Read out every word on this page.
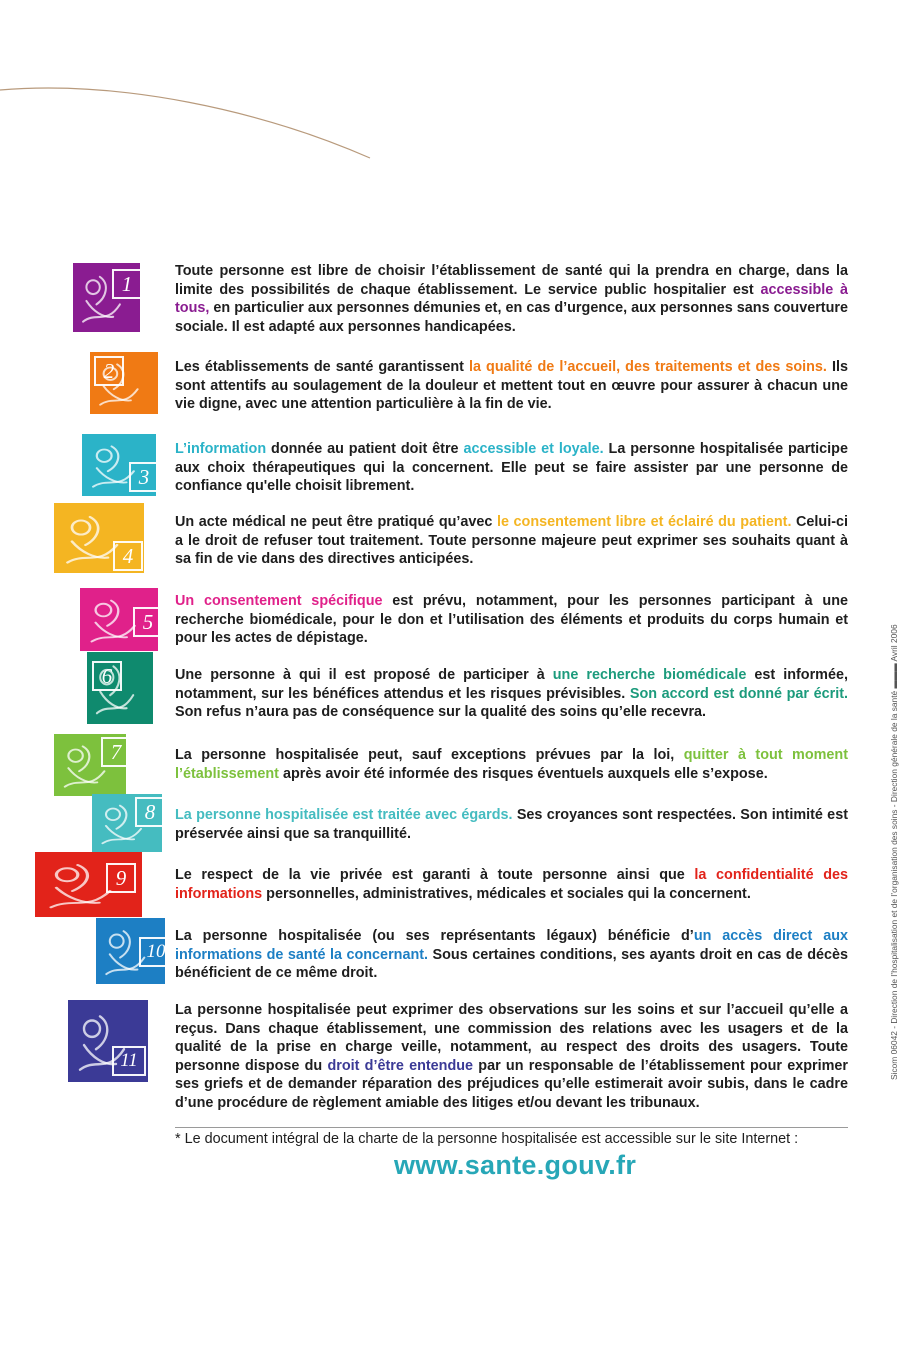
1

Toute personne est libre de choisir l’établissement de santé qui la prendra en charge, dans la limite des possibilités de chaque établissement. Le service public hospitalier est accessible à tous, en particulier aux personnes démunies et, en cas d’urgence, aux personnes sans couverture sociale. Il est adapté aux personnes handicapées.

2	Les établissements de santé garantissent la qualité de l’accueil, des traitements et des soins. Ils sont attentifs au soulagement de la douleur et mettent tout en œuvre pour assurer à chacun une vie digne, avec une attention particulière à la fin de vie.

3

L’information donnée au patient doit être accessible et loyale. La personne hospitalisée participe aux choix thérapeutiques qui la concernent. Elle peut se faire assister par une personne de confiance qu'elle choisit librement.

4

Un acte médical ne peut être pratiqué qu’avec le consentement libre et éclairé du patient. Celui-ci a le droit de refuser tout traitement. Toute personne majeure peut exprimer ses souhaits quant à sa fin de vie dans des directives anticipées.

5

Un consentement spécifique est prévu, notamment, pour les personnes participant à une recherche biomédicale, pour le don et l’utilisation des éléments et produits du corps humain et pour les actes de dépistage.

6	Une personne à qui il est proposé de participer à une recherche biomédicale est informée, notamment, sur les bénéfices attendus et les risques prévisibles. Son accord est donné par écrit. Son refus n’aura pas de conséquence sur la qualité des soins qu’elle recevra.

7	La personne hospitalisée peut, sauf exceptions prévues par la loi, quitter à tout moment l’établissement après avoir été informée des risques éventuels auxquels elle s’expose.

8	La personne hospitalisée est traitée avec égards. Ses croyances sont respectées. Son intimité est préservée ainsi que sa tranquillité.

9	Le respect de la vie privée est garanti à toute personne ainsi que la confidentialité des informations personnelles, administratives, médicales et sociales qui la concernent.

10

La personne hospitalisée (ou ses représentants légaux) bénéficie d’un accès direct aux informations de santé la concernant. Sous certaines conditions, ses ayants droit en cas de décès bénéficient de ce même droit.

11

La personne hospitalisée peut exprimer des observations sur les soins et sur l’accueil qu’elle a reçus. Dans chaque établissement, une commission des relations avec les usagers et de la qualité de la prise en charge veille, notamment, au respect des droits des usagers. Toute personne dispose du droit d’être entendue par un responsable de l’établissement pour exprimer ses griefs et de demander réparation des préjudices qu’elle estimerait avoir subis, dans le cadre d’une procédure de règlement amiable des litiges et/ou devant les tribunaux.

* Le document intégral de la charte de la personne hospitalisée est accessible sur le site Internet :
www.sante.gouv.fr
Sicom 06042 - Direction de l’hospitalisation et de l’organisation des soins - Direction générale de la santé ▬▬▬ Avril 2006
